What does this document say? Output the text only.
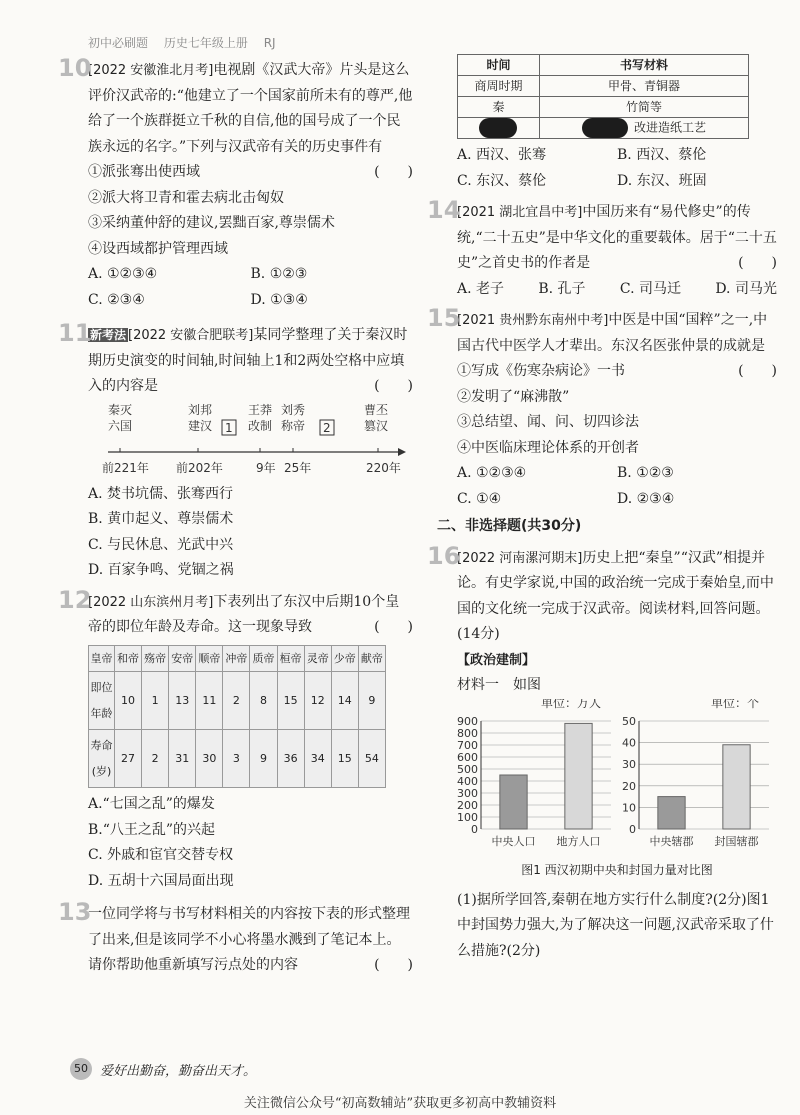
初中必刷题 历史七年级上册 RJ
10
[2022 安徽淮北月考]电视剧《汉武大帝》片头是这么评价汉武帝的:“他建立了一个国家前所未有的尊严,他给了一个族群挺立千秋的自信,他的国号成了一个民族永远的名字。”下列与汉武帝有关的历史事件有
(　　)
①派张骞出使西域
②派大将卫青和霍去病北击匈奴
③采纳董仲舒的建议,罢黜百家,尊崇儒术
④设西域都护管理西域
A. ①②③④	B. ①②③
C. ②③④	D. ①③④
11
新考法 [2022 安徽合肥联考]某同学整理了关于秦汉时期历史演变的时间轴,时间轴上1和2两处空格中应填入的内容是	(　　)
秦灭
六国
前221年
刘邦
建汉
前202年
1
王莽
改制
9年
刘秀
称帝
25年
2
曹丕
篡汉
220年
A. 焚书坑儒、张骞西行
B. 黄巾起义、尊崇儒术
C. 与民休息、光武中兴
D. 百家争鸣、党锢之祸
12
[2022 山东滨州月考]下表列出了东汉中后期10个皇帝的即位年龄及寿命。这一现象导致	(　　)
皇帝	和帝	殇帝	安帝	顺帝	冲帝	质帝	桓帝	灵帝	少帝	献帝
即位年龄	10	1	13	11	2	8	15	12	14	9
寿命(岁)	27	2	31	30	3	9	36	34	15	54
A.“七国之乱”的爆发
B.“八王之乱”的兴起
C. 外戚和宦官交替专权
D. 五胡十六国局面出现
13
一位同学将与书写材料相关的内容按下表的形式整理了出来,但是该同学不小心将墨水溅到了笔记本上。请你帮助他重新填写污点处的内容	(　　)
时间	书写材料
商周时期	甲骨、青铜器
秦	竹简等
	改进造纸工艺
A. 西汉、张骞	B. 西汉、蔡伦
C. 东汉、蔡伦	D. 东汉、班固
14
[2021 湖北宜昌中考]中国历来有“易代修史”的传统,“二十五史”是中华文化的重要载体。居于“二十五史”之首史书的作者是	(　　)
A. 老子 B. 孔子 C. 司马迁 D. 司马光
15
[2021 贵州黔东南州中考]中医是中国“国粹”之一,中国古代中医学人才辈出。东汉名医张仲景的成就是
(　　)
①写成《伤寒杂病论》一书
②发明了“麻沸散”
③总结望、闻、问、切四诊法
④中医临床理论体系的开创者
A. ①②③④	B. ①②③
C. ①④	D. ②③④
二、非选择题(共30分)
16
[2022 河南漯河期末]历史上把“秦皇”“汉武”相提并论。有史学家说,中国的政治统一完成于秦始皇,而中国的文化统一完成于汉武帝。阅读材料,回答问题。(14分)
【政治建制】
材料一　如图
单位：万人
0
100
200
300
400
500
600
700
800
900
中央人口 地方人口
单位：个
0
10
20
30
40
50
中央辖郡 封国辖郡
图1 西汉初期中央和封国力量对比图
(1)据所学回答,秦朝在地方实行什么制度?(2分)图1中封国势力强大,为了解决这一问题,汉武帝采取了什么措施?(2分)
50 爱好出勤奋，勤奋出天才。
关注微信公众号“初高数辅站”获取更多初高中教辅资料
